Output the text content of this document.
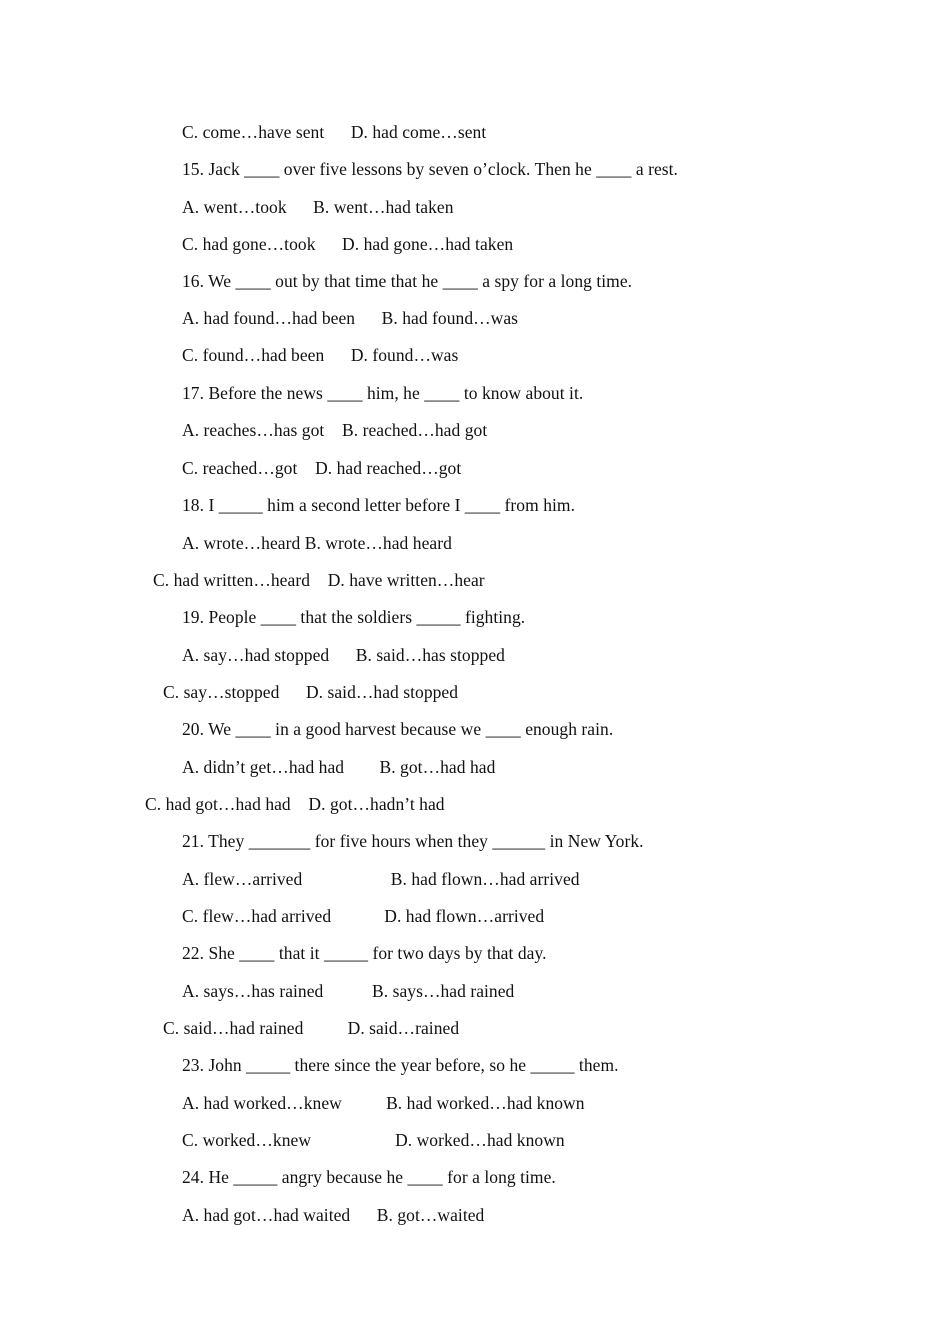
C. come…have sent      D. had come…sent
15. Jack ____ over five lessons by seven o’clock. Then he ____ a rest.
A. went…took      B. went…had taken
C. had gone…took      D. had gone…had taken
16. We ____ out by that time that he ____ a spy for a long time.
A. had found…had been      B. had found…was
C. found…had been      D. found…was
17. Before the news ____ him, he ____ to know about it.
A. reaches…has got    B. reached…had got
C. reached…got    D. had reached…got
18. I _____ him a second letter before I ____ from him.
A. wrote…heard B. wrote…had heard
C. had written…heard    D. have written…hear
19. People ____ that the soldiers _____ fighting.
A. say…had stopped      B. said…has stopped
C. say…stopped      D. said…had stopped
20. We ____ in a good harvest because we ____ enough rain.
A. didn’t get…had had        B. got…had had
C. had got…had had    D. got…hadn’t had
21. They _______ for five hours when they ______ in New York.
A. flew…arrived                    B. had flown…had arrived
C. flew…had arrived            D. had flown…arrived
22. She ____ that it _____ for two days by that day.
A. says…has rained           B. says…had rained
C. said…had rained          D. said…rained
23. John _____ there since the year before, so he _____ them.
A. had worked…knew          B. had worked…had known
C. worked…knew                   D. worked…had known
24. He _____ angry because he ____ for a long time.
A. had got…had waited      B. got…waited
